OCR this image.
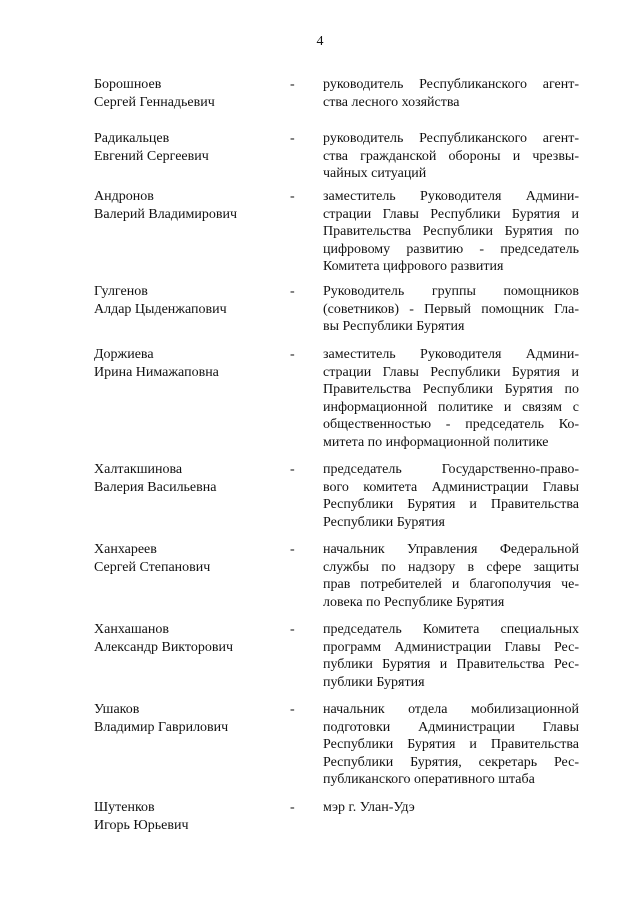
4
Борошноев
Сергей Геннадьевич
- руководитель Республиканского агент-
ства лесного хозяйства
Радикальцев
Евгений Сергеевич
- руководитель Республиканского агент-
ства гражданской обороны и чрезвы-
чайных ситуаций
Андронов
Валерий Владимирович
- заместитель Руководителя Админи-
страции Главы Республики Бурятия и
Правительства Республики Бурятия по
цифровому развитию - председатель
Комитета цифрового развития
Гулгенов
Алдар Цыденжапович
- Руководитель группы помощников
(советников) - Первый помощник Гла-
вы Республики Бурятия
Доржиева
Ирина Нимажаповна
- заместитель Руководителя Админи-
страции Главы Республики Бурятия и
Правительства Республики Бурятия по
информационной политике и связям с
общественностью - председатель Ко-
митета по информационной политике
Халтакшинова
Валерия Васильевна
- председатель Государственно-право-
вого комитета Администрации Главы
Республики Бурятия и Правительства
Республики Бурятия
Ханхареев
Сергей Степанович
- начальник Управления Федеральной
службы по надзору в сфере защиты
прав потребителей и благополучия че-
ловека по Республике Бурятия
Ханхашанов
Александр Викторович
- председатель Комитета специальных
программ Администрации Главы Рес-
публики Бурятия и Правительства Рес-
публики Бурятия
Ушаков
Владимир Гаврилович
- начальник отдела мобилизационной
подготовки Администрации Главы
Республики Бурятия и Правительства
Республики Бурятия, секретарь Рес-
публиканского оперативного штаба
Шутенков
Игорь Юрьевич
- мэр г. Улан-Удэ
